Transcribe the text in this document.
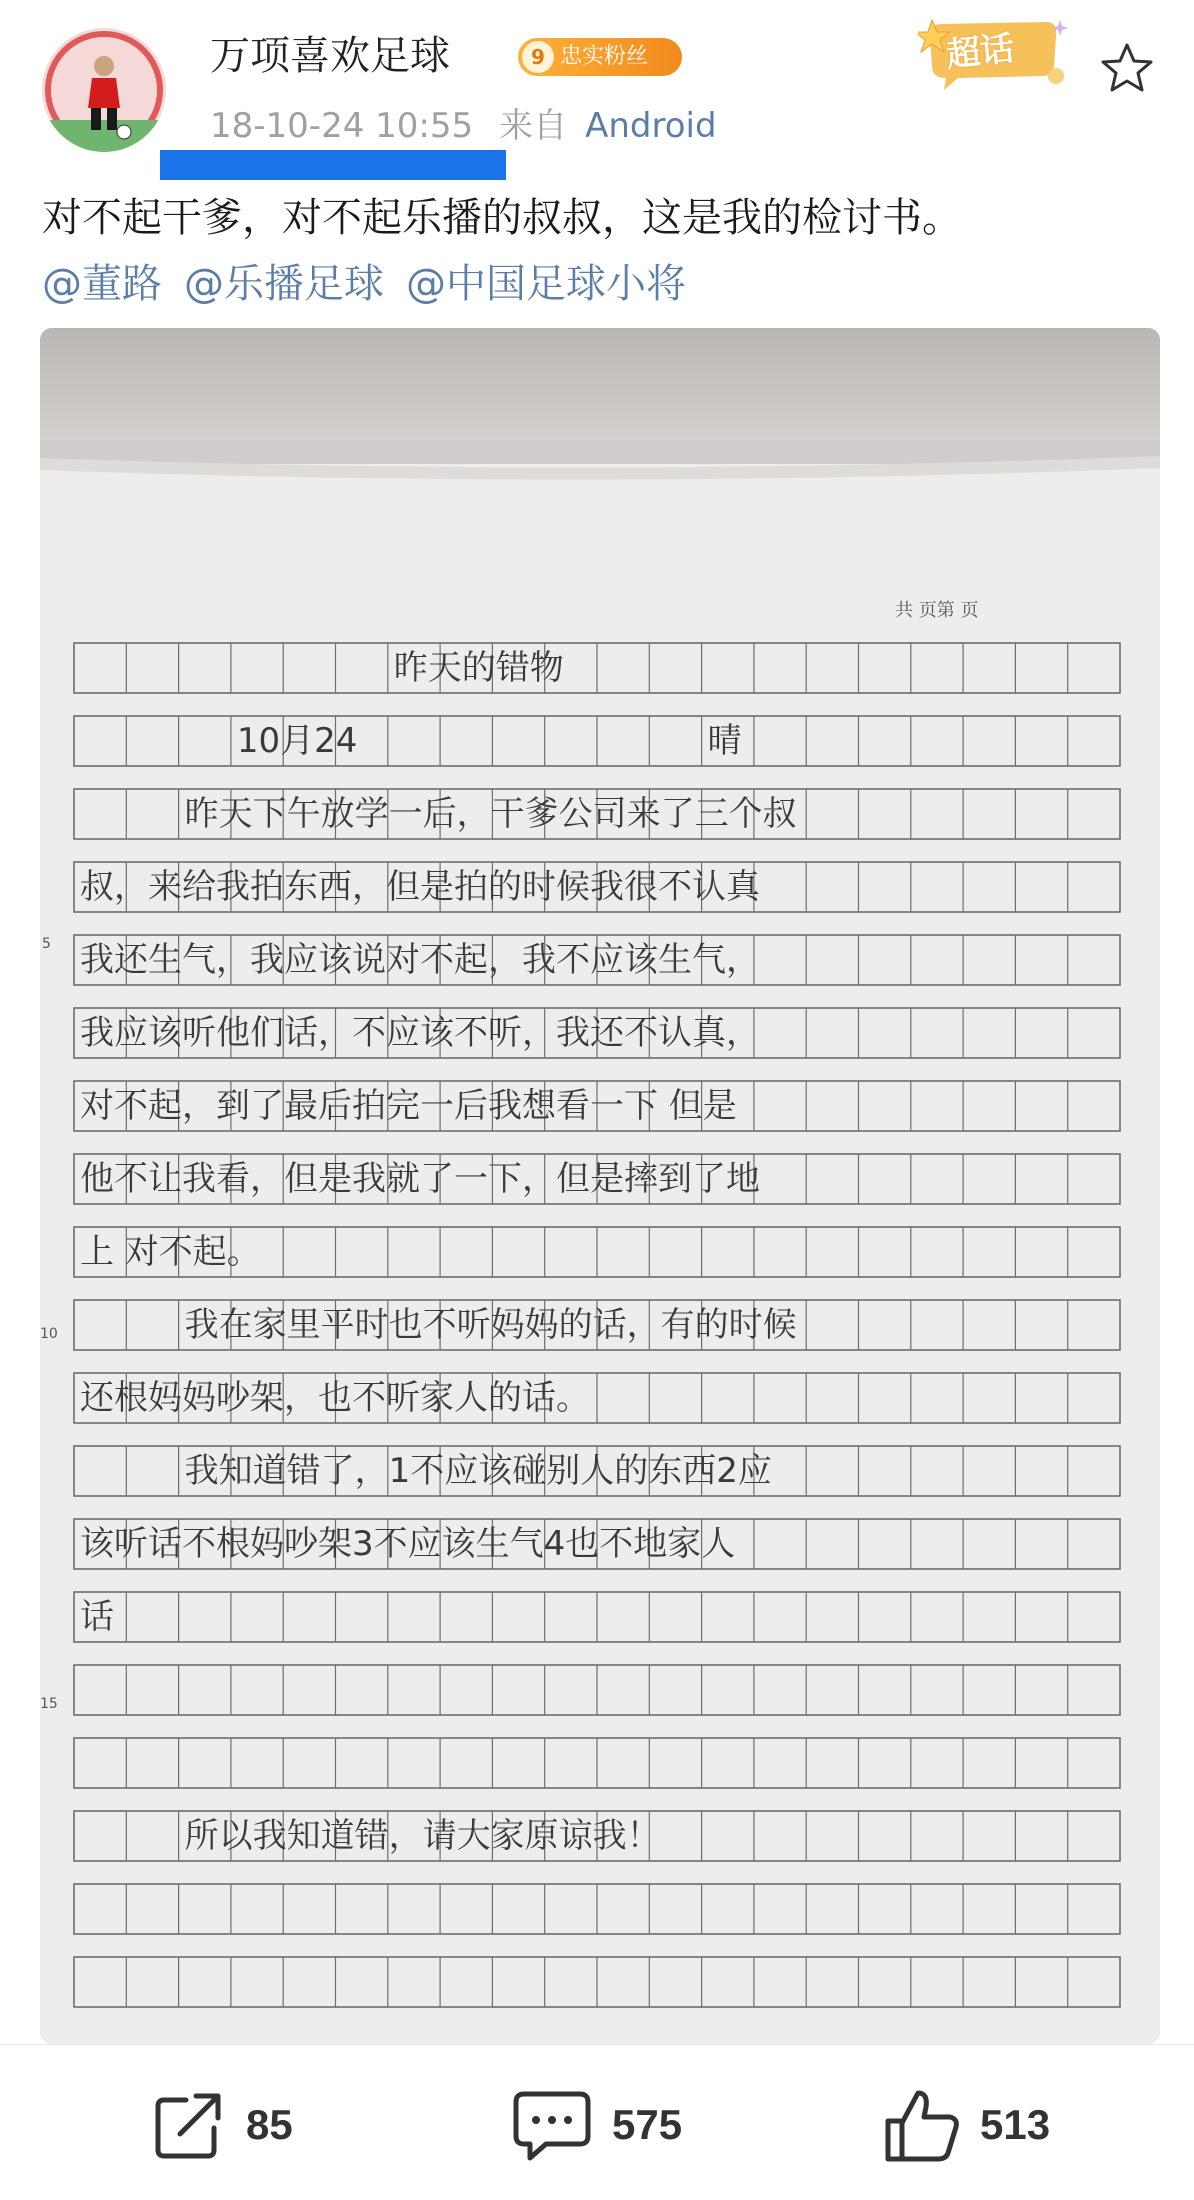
万项喜欢足球	9 忠实粉丝
18-10-24 10:55 来自 Android
超话
对不起干爹，对不起乐播的叔叔，这是我的检讨书。
@董路 @乐播足球 @中国足球小将
昨天的错物
10月24	晴
昨天下午放学一后，干爹公司来了三个叔
叔，来给我拍东西，但是拍的时候我很不认真
我还生气，我应该说对不起，我不应该生气，
我应该听他们话，不应该不听，我还不认真，
对不起，到了最后拍完一后我想看一下 但是
他不让我看，但是我就了一下，但是摔到了地
上 对不起。
我在家里平时也不听妈妈的话，有的时候
还根妈妈吵架，也不听家人的话。
我知道错了，1不应该碰别人的东西2应
该听话不根妈吵架3不应该生气4也不地家人
话
所以我知道错，请大家原谅我！
共 页第 页
5
10
15
85	575	513
